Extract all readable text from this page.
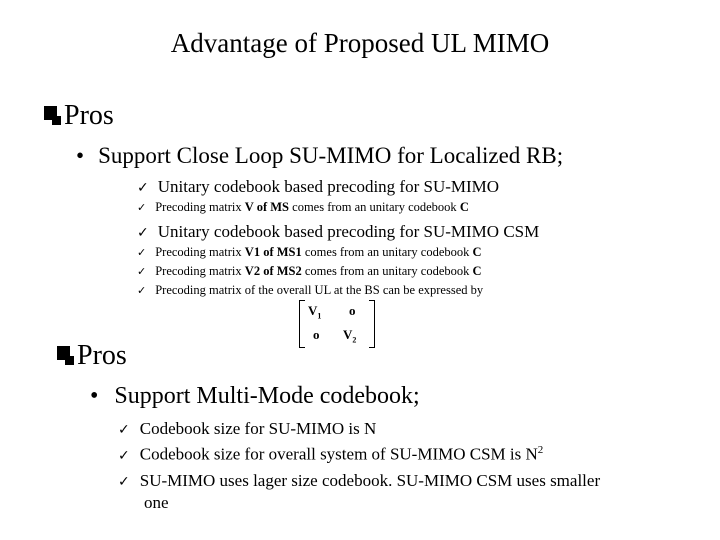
Advantage of Proposed UL MIMO
Pros
• Support Close Loop SU-MIMO for Localized RB;
✓ Unitary codebook based precoding for SU-MIMO
✓ Precoding matrix V of MS comes from an unitary codebook C
✓ Unitary codebook based precoding for SU-MIMO CSM
✓ Precoding matrix V1 of MS1 comes from an unitary codebook C
✓ Precoding matrix V2 of MS2 comes from an unitary codebook C
✓ Precoding matrix of the overall UL at the BS can be expressed by
$V_1$ o
o $V_2$
Pros
• Support Multi-Mode codebook;
✓ Codebook size for SU-MIMO is N
✓ Codebook size for overall system of SU-MIMO CSM is $N^2$
✓ SU-MIMO uses lager size codebook. SU-MIMO CSM uses smaller
one
